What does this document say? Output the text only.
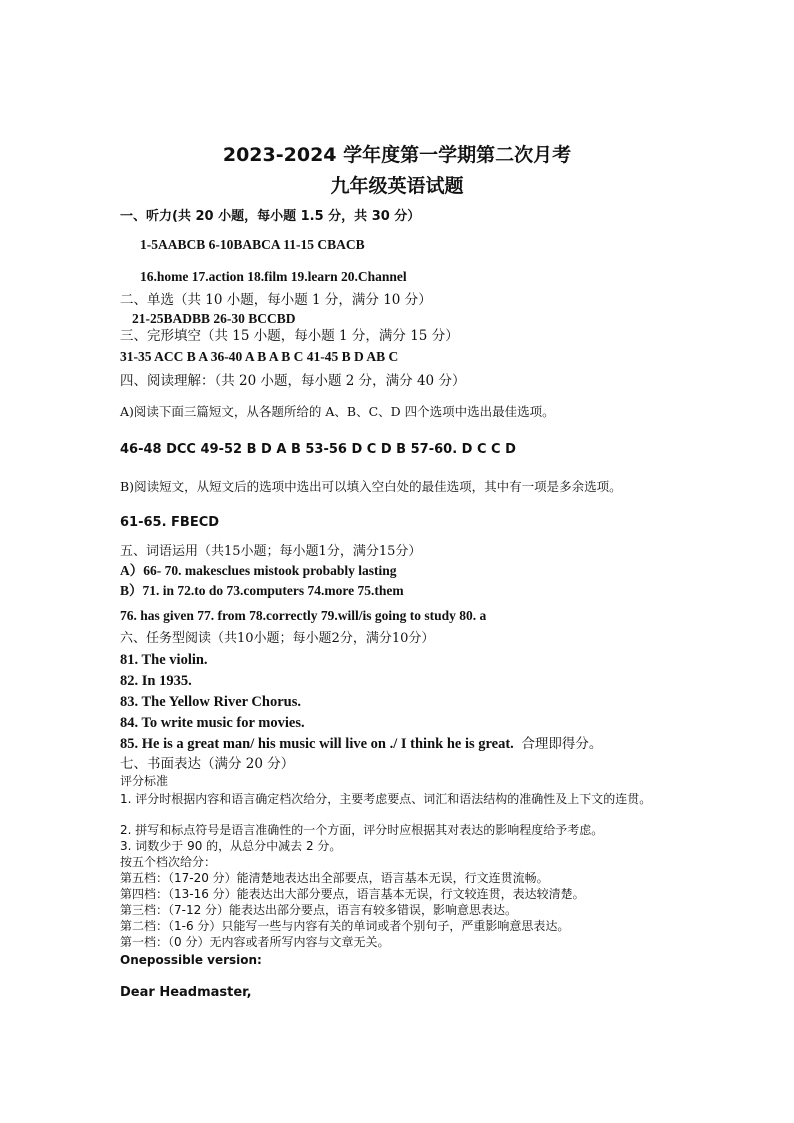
2023-2024 学年度第一学期第二次月考
九年级英语试题
一、听力(共 20 小题，每小题 1.5 分，共 30 分）
1-5AABCB 6-10BABCA 11-15 CBACB
16.home 17.action 18.film 19.learn 20.Channel
二、单选（共 10 小题，每小题 1 分，满分 10 分）
21-25BADBB 26-30 BCCBD
三、完形填空（共 15 小题，每小题 1 分，满分 15 分）
31-35 ACC B A 36-40 A B A B C 41-45 B D AB C
四、阅读理解：（共 20 小题，每小题 2 分，满分 40 分）
A)阅读下面三篇短文，从各题所给的 A、B、C、D 四个选项中选出最佳选项。
46-48 DCC 49-52 B D A B 53-56 D C D B 57-60. D C C D
B)阅读短文，从短文后的选项中选出可以填入空白处的最佳选项，其中有一项是多余选项。
61-65. FBECD
五、词语运用（共15小题；每小题1分，满分15分）
A）66- 70. makesclues mistook probably lasting
B）71. in 72.to do 73.computers 74.more 75.them
76. has given 77. from 78.correctly 79.will/is going to study 80. a
六、任务型阅读（共10小题；每小题2分，满分10分）
81. The violin.
82. In 1935.
83. The Yellow River Chorus.
84. To write music for movies.
85. He is a great man/ his music will live on ./ I think he is great. 合理即得分。
七、书面表达（满分 20 分）
评分标准
1. 评分时根据内容和语言确定档次给分，主要考虑要点、词汇和语法结构的准确性及上下文的连贯。
2. 拼写和标点符号是语言准确性的一个方面，评分时应根据其对表达的影响程度给予考虑。
3. 词数少于 90 的，从总分中减去 2 分。
按五个档次给分：
第五档：（17-20 分）能清楚地表达出全部要点，语言基本无误，行文连贯流畅。
第四档：（13-16 分）能表达出大部分要点，语言基本无误，行文较连贯，表达较清楚。
第三档：（7-12 分）能表达出部分要点，语言有较多错误，影响意思表达。
第二档：（1-6 分）只能写一些与内容有关的单词或者个别句子，严重影响意思表达。
第一档：（0 分）无内容或者所写内容与文章无关。
Onepossible version:
Dear Headmaster,
